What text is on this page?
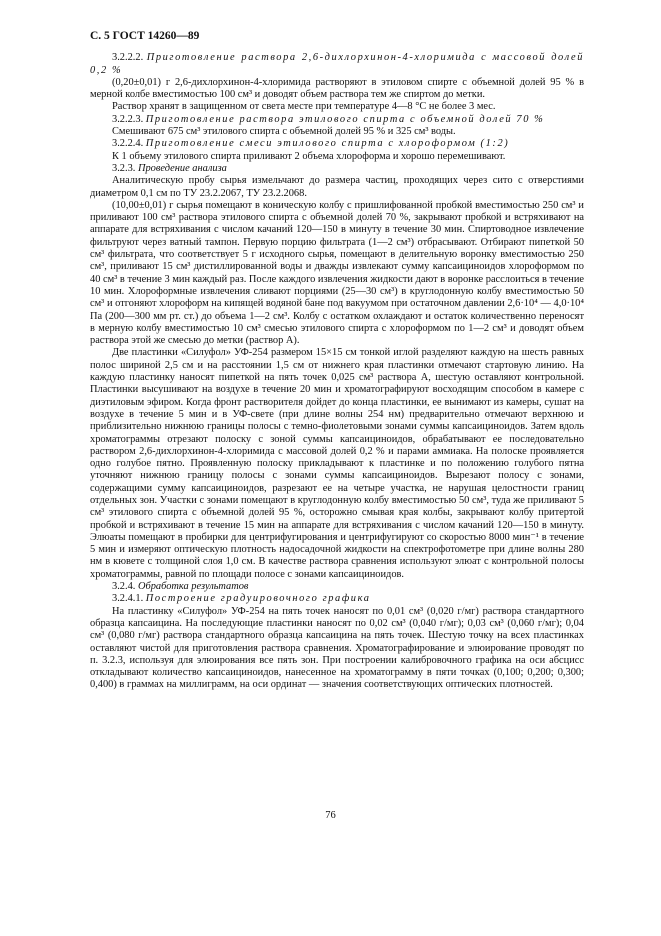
С. 5 ГОСТ 14260—89

3.2.2.2. Приготовление раствора 2,6-дихлорхинон-4-хлоримида с массовой долей 0,2 %

(0,20±0,01) г 2,6-дихлорхинон-4-хлоримида растворяют в этиловом спирте с объемной долей 95 % в мерной колбе вместимостью 100 см³ и доводят объем раствора тем же спиртом до метки.

Раствор хранят в защищенном от света месте при температуре 4—8 °С не более 3 мес.

3.2.2.3. Приготовление раствора этилового спирта с объемной долей 70 %

Смешивают 675 см³ этилового спирта с объемной долей 95 % и 325 см³ воды.

3.2.2.4. Приготовление смеси этилового спирта с хлороформом (1:2)

К 1 объему этилового спирта приливают 2 объема хлороформа и хорошо перемешивают.

3.2.3. Проведение анализа

Аналитическую пробу сырья измельчают до размера частиц, проходящих через сито с отверстиями диаметром 0,1 см по ТУ 23.2.2067, ТУ 23.2.2068.

(10,00±0,01) г сырья помещают в коническую колбу с пришлифованной пробкой вместимостью 250 см³ и приливают 100 см³ раствора этилового спирта с объемной долей 70 %, закрывают пробкой и встряхивают на аппарате для встряхивания с числом качаний 120—150 в минуту в течение 30 мин. Спиртоводное извлечение фильтруют через ватный тампон. Первую порцию фильтрата (1—2 см³) отбрасывают. Отбирают пипеткой 50 см³ фильтрата, что соответствует 5 г исходного сырья, помещают в делительную воронку вместимостью 250 см³, приливают 15 см³ дистиллированной воды и дважды извлекают сумму капсаициноидов хлороформом по 40 см³ в течение 3 мин каждый раз. После каждого извлечения жидкости дают в воронке расслоиться в течение 10 мин. Хлороформные извлечения сливают порциями (25—30 см³) в круглодонную колбу вместимостью 50 см³ и отгоняют хлороформ на кипящей водяной бане под вакуумом при остаточном давлении 2,6·10⁴ — 4,0·10⁴ Па (200—300 мм рт. ст.) до объема 1—2 см³. Колбу с остатком охлаждают и остаток количественно переносят в мерную колбу вместимостью 10 см³ смесью этилового спирта с хлороформом по 1—2 см³ и доводят объем раствора этой же смесью до метки (раствор А).

Две пластинки «Силуфол» УФ-254 размером 15×15 см тонкой иглой разделяют каждую на шесть равных полос шириной 2,5 см и на расстоянии 1,5 см от нижнего края пластинки отмечают стартовую линию. На каждую пластинку наносят пипеткой на пять точек 0,025 см³ раствора А, шестую оставляют контрольной. Пластинки высушивают на воздухе в течение 20 мин и хроматографируют восходящим способом в камере с диэтиловым эфиром. Когда фронт растворителя дойдет до конца пластинки, ее вынимают из камеры, сушат на воздухе в течение 5 мин и в УФ-свете (при длине волны 254 нм) предварительно отмечают верхнюю и приблизительно нижнюю границы полосы с темно-фиолетовыми зонами суммы капсаициноидов. Затем вдоль хроматограммы отрезают полоску с зоной суммы капсаициноидов, обрабатывают ее последовательно раствором 2,6-дихлорхинон-4-хлоримида с массовой долей 0,2 % и парами аммиака. На полоске проявляется одно голубое пятно. Проявленную полоску прикладывают к пластинке и по положению голубого пятна уточняют нижнюю границу полосы с зонами суммы капсаициноидов. Вырезают полосу с зонами, содержащими сумму капсаициноидов, разрезают ее на четыре участка, не нарушая целостности границ отдельных зон. Участки с зонами помещают в круглодонную колбу вместимостью 50 см³, туда же приливают 5 см³ этилового спирта с объемной долей 95 %, осторожно смывая края колбы, закрывают колбу притертой пробкой и встряхивают в течение 15 мин на аппарате для встряхивания с числом качаний 120—150 в минуту. Элюаты помещают в пробирки для центрифугирования и центрифугируют со скоростью 8000 мин⁻¹ в течение 5 мин и измеряют оптическую плотность надосадочной жидкости на спектрофотометре при длине волны 280 нм в кювете с толщиной слоя 1,0 см. В качестве раствора сравнения используют элюат с контрольной полосы хроматограммы, равной по площади полосе с зонами капсаициноидов.

3.2.4. Обработка результатов

3.2.4.1. Построение градуировочного графика

На пластинку «Силуфол» УФ-254 на пять точек наносят по 0,01 см³ (0,020 г/мг) раствора стандартного образца капсаицина. На последующие пластинки наносят по 0,02 см³ (0,040 г/мг); 0,03 см³ (0,060 г/мг); 0,04 см³ (0,080 г/мг) раствора стандартного образца капсаицина на пять точек. Шестую точку на всех пластинках оставляют чистой для приготовления раствора сравнения. Хроматографирование и элюирование проводят по п. 3.2.3, используя для элюирования все пять зон. При построении калибровочного графика на оси абсцисс откладывают количество капсаициноидов, нанесенное на хроматограмму в пяти точках (0,100; 0,200; 0,300; 0,400) в граммах на миллиграмм, на оси ординат — значения соответствующих оптических плотностей.

76
